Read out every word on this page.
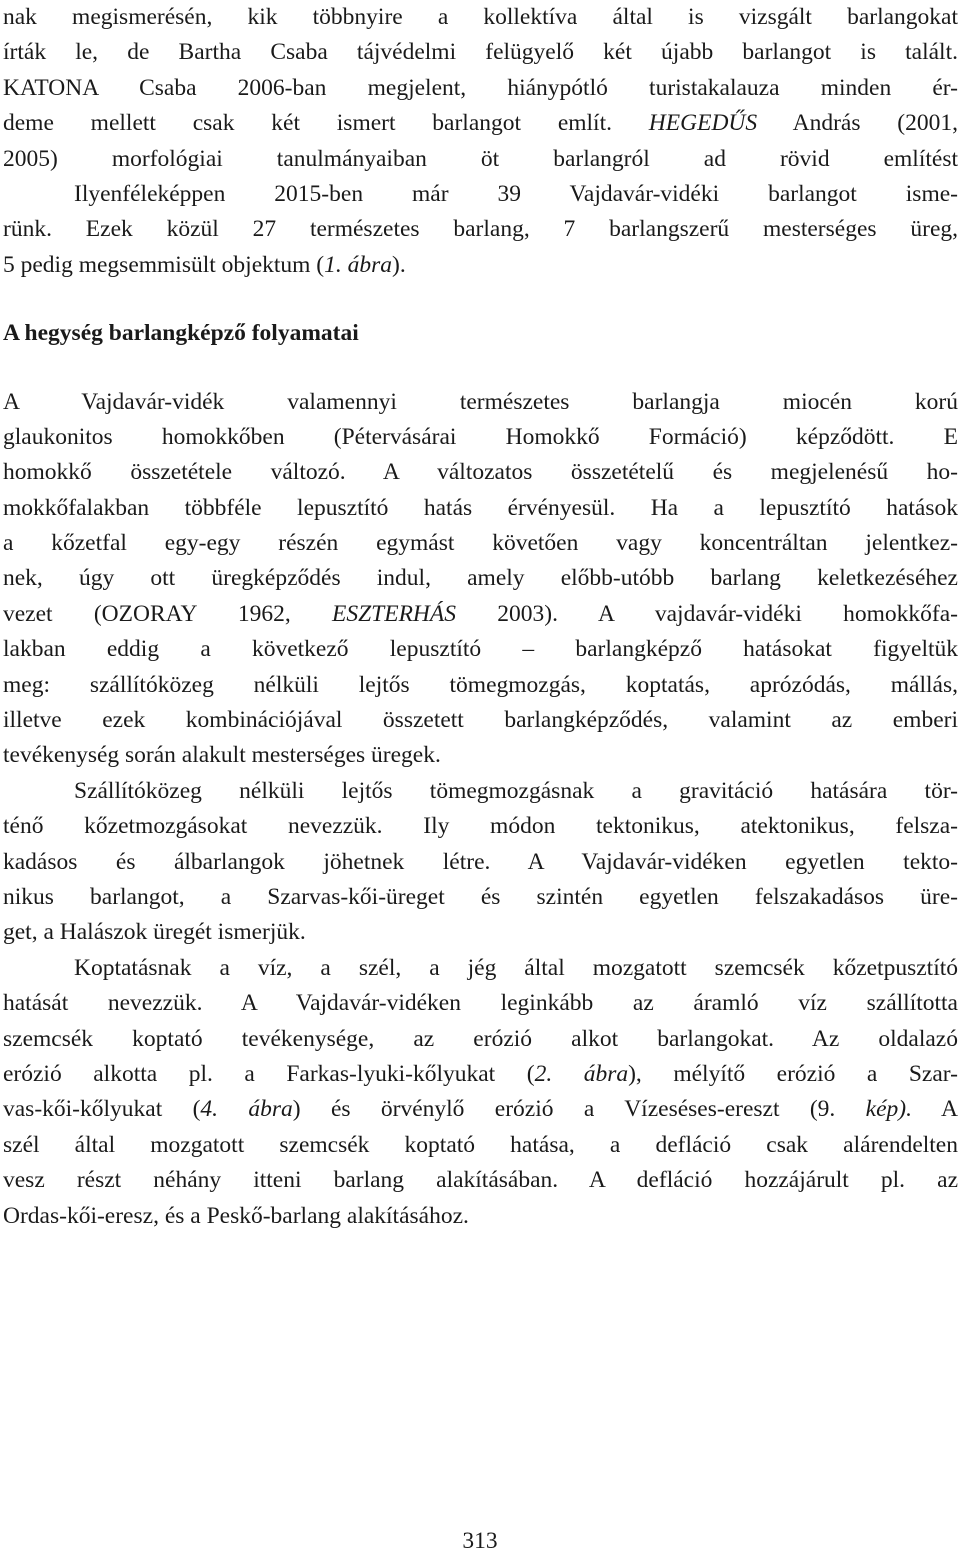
nak megismerésén, kik többnyire a kollektíva által is vizsgált barlangokat
írták le, de Bartha Csaba tájvédelmi felügyelő két újabb barlangot is talált.
KATONA Csaba 2006-ban megjelent, hiánypótló turistakalauza minden ér-
deme mellett csak két ismert barlangot említ. HEGEDŰS András (2001,
2005) morfológiai tanulmányaiban öt barlangról ad rövid említést
Ilyenféleképpen 2015-ben már 39 Vajdavár-vidéki barlangot isme-
rünk. Ezek közül 27 természetes barlang, 7 barlangszerű mesterséges üreg,
5 pedig megsemmisült objektum (1. ábra).
A hegység barlangképző folyamatai
A Vajdavár-vidék valamennyi természetes barlangja miocén korú
glaukonitos homokkőben (Pétervásárai Homokkő Formáció) képződött. E
homokkő összetétele változó. A változatos összetételű és megjelenésű ho-
mokkőfalakban többféle lepusztító hatás érvényesül. Ha a lepusztító hatások
a kőzetfal egy-egy részén egymást követően vagy koncentráltan jelentkez-
nek, úgy ott üregképződés indul, amely előbb-utóbb barlang keletkezéséhez
vezet (OZORAY 1962, ESZTERHÁS 2003). A vajdavár-vidéki homokkőfa-
lakban eddig a következő lepusztító – barlangképző hatásokat figyeltük
meg: szállítóközeg nélküli lejtős tömegmozgás, koptatás, aprózódás, mállás,
illetve ezek kombinációjával összetett barlangképződés, valamint az emberi
tevékenység során alakult mesterséges üregek.
Szállítóközeg nélküli lejtős tömegmozgásnak a gravitáció hatására tör-
ténő kőzetmozgásokat nevezzük. Ily módon tektonikus, atektonikus, felsza-
kadásos és álbarlangok jöhetnek létre. A Vajdavár-vidéken egyetlen tekto-
nikus barlangot, a Szarvas-kői-üreget és szintén egyetlen felszakadásos üre-
get, a Halászok üregét ismerjük.
Koptatásnak a víz, a szél, a jég által mozgatott szemcsék kőzetpusztító
hatását nevezzük. A Vajdavár-vidéken leginkább az áramló víz szállította
szemcsék koptató tevékenysége, az erózió alkot barlangokat. Az oldalazó
erózió alkotta pl. a Farkas-lyuki-kőlyukat (2. ábra), mélyítő erózió a Szar-
vas-kői-kőlyukat (4. ábra) és örvénylő erózió a Vízeséses-ereszt (9. kép). A
szél által mozgatott szemcsék koptató hatása, a defláció csak alárendelten
vesz részt néhány itteni barlang alakításában. A defláció hozzájárult pl. az
Ordas-kői-eresz, és a Peskő-barlang alakításához.
313
